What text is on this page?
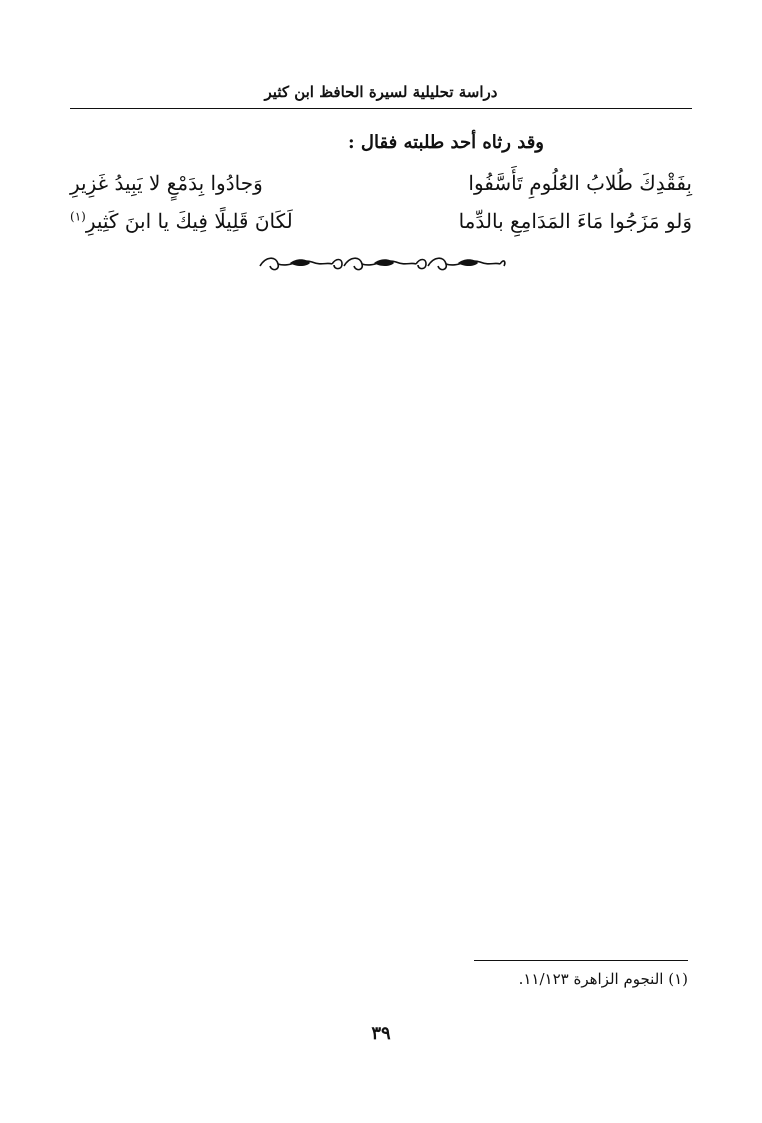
دراسة تحليلية لسيرة الحافظ ابن كثير
وقد رثاه أحد طلبته فقال :
بِفَقْدِكَ طُلابُ العُلُومِ تَأَسَّفُوا
وَجادُوا بِدَمْعٍ لا يَبِيدُ غَزِيرِ
وَلو مَزَجُوا مَاءَ المَدَامِعِ بالدِّما
لَكَانَ قَلِيلًا فِيكَ يا ابنَ كَثِيرِ$^{(١)}$
(١) النجوم الزاهرة ١١/١٢٣.
٣٩
